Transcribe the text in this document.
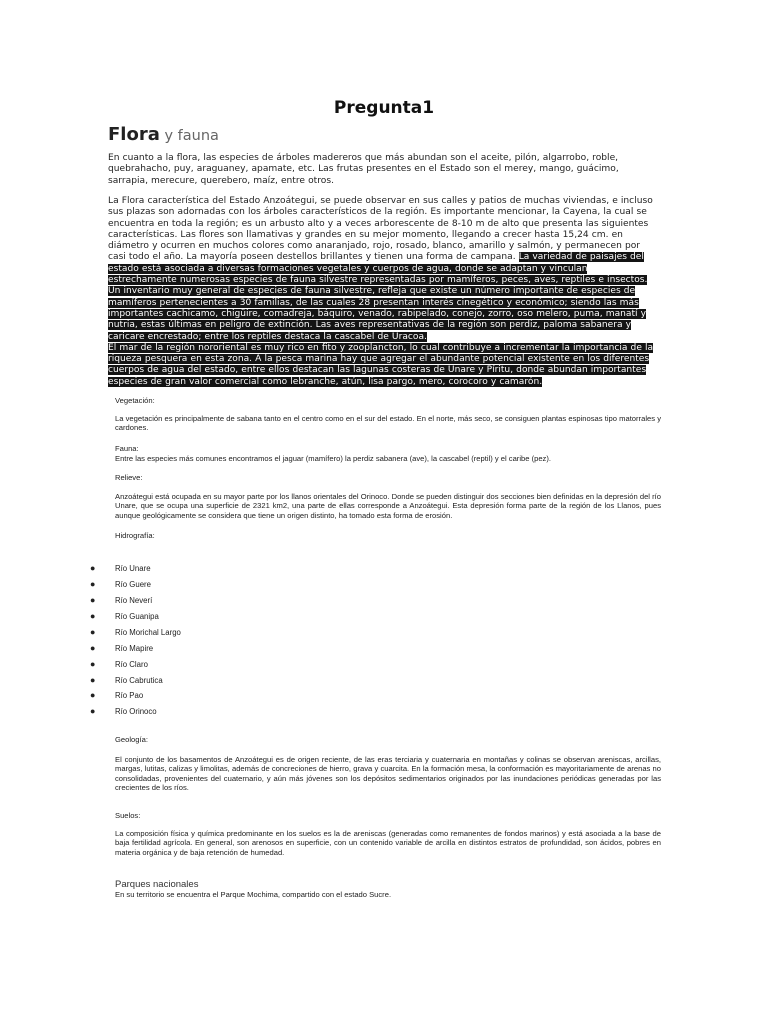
Pregunta1
Flora y fauna

En cuanto a la flora, las especies de árboles madereros que más abundan son el aceite, pilón, algarrobo, roble, quebrahacho, puy, araguaney, apamate, etc. Las frutas presentes en el Estado son el merey, mango, guácimo, sarrapia, merecure, querebero, maíz, entre otros.

La Flora característica del Estado Anzoátegui, se puede observar en sus calles y patios de muchas viviendas, e incluso sus plazas son adornadas con los árboles característicos de la región. Es importante mencionar, la Cayena, la cual se encuentra en toda la región; es un arbusto alto y a veces arborescente de 8-10 m de alto que presenta las siguientes características. Las flores son llamativas y grandes en su mejor momento, llegando a crecer hasta 15,24 cm. en diámetro y ocurren en muchos colores como anaranjado, rojo, rosado, blanco, amarillo y salmón, y permanecen por casi todo el año. La mayoría poseen destellos brillantes y tienen una forma de campana. La variedad de paisajes del estado está asociada a diversas formaciones vegetales y cuerpos de agua, donde se adaptan y vinculan estrechamente numerosas especies de fauna silvestre representadas por mamíferos, peces, aves, reptiles e insectos. Un inventario muy general de especies de fauna silvestre, refleja que existe un número importante de especies de mamíferos pertenecientes a 30 familias, de las cuales 28 presentan interés cinegético y económico; siendo las más importantes cachicamo, chigüire, comadreja, báquiro, venado, rabipelado, conejo, zorro, oso melero, puma, manatí y nutria, estas últimas en peligro de extinción. Las aves representativas de la región son perdiz, paloma sabanera y caricare encrestado; entre los reptiles destaca la cascabel de Uracoa.
El mar de la región nororiental es muy rico en fito y zooplancton, lo cual contribuye a incrementar la importancia de la riqueza pesquera en esta zona. A la pesca marina hay que agregar el abundante potencial existente en los diferentes cuerpos de agua del estado, entre ellos destacan las lagunas costeras de Unare y Píritu, donde abundan importantes especies de gran valor comercial como lebranche, atún, lisa pargo, mero, corocoro y camarón.

Vegetación:
La vegetación es principalmente de sabana tanto en el centro como en el sur del estado. En el norte, más seco, se consiguen plantas espinosas tipo matorrales y cardones.
Fauna:
Entre las especies más comunes encontramos el jaguar (mamífero) la perdiz sabanera (ave), la cascabel (reptil) y el caribe (pez).
Relieve:
Anzoátegui está ocupada en su mayor parte por los llanos orientales del Orinoco. Donde se pueden distinguir dos secciones bien definidas en la depresión del río Unare, que se ocupa una superficie de 2321 km2, una parte de ellas corresponde a Anzoátegui. Esta depresión forma parte de la región de los Llanos, pues aunque geológicamente se considera que tiene un origen distinto, ha tomado esta forma de erosión.
Hidrografía:
●	Río Unare
●	Río Guere
●	Río Neverí
●	Río Guanipa
●	Río Morichal Largo
●	Río Mapire
●	Río Claro
●	Río Cabrutica
●	Río Pao
●	Río Orinoco
Geología:
El conjunto de los basamentos de Anzoátegui es de origen reciente, de las eras terciaria y cuaternaria en montañas y colinas se observan areniscas, arcillas, margas, lutitas, calizas y limolitas, además de concreciones de hierro, grava y cuarcita. En la formación mesa, la conformación es mayoritariamente de arenas no consolidadas, provenientes del cuaternario, y aún más jóvenes son los depósitos sedimentarios originados por las inundaciones periódicas generadas por las crecientes de los ríos.
Suelos:
La composición física y química predominante en los suelos es la de areniscas (generadas como remanentes de fondos marinos) y está asociada a la base de baja fertilidad agrícola. En general, son arenosos en superficie, con un contenido variable de arcilla en distintos estratos de profundidad, son ácidos, pobres en materia orgánica y de baja retención de humedad.
Parques nacionales
En su territorio se encuentra el Parque Mochima, compartido con el estado Sucre.
